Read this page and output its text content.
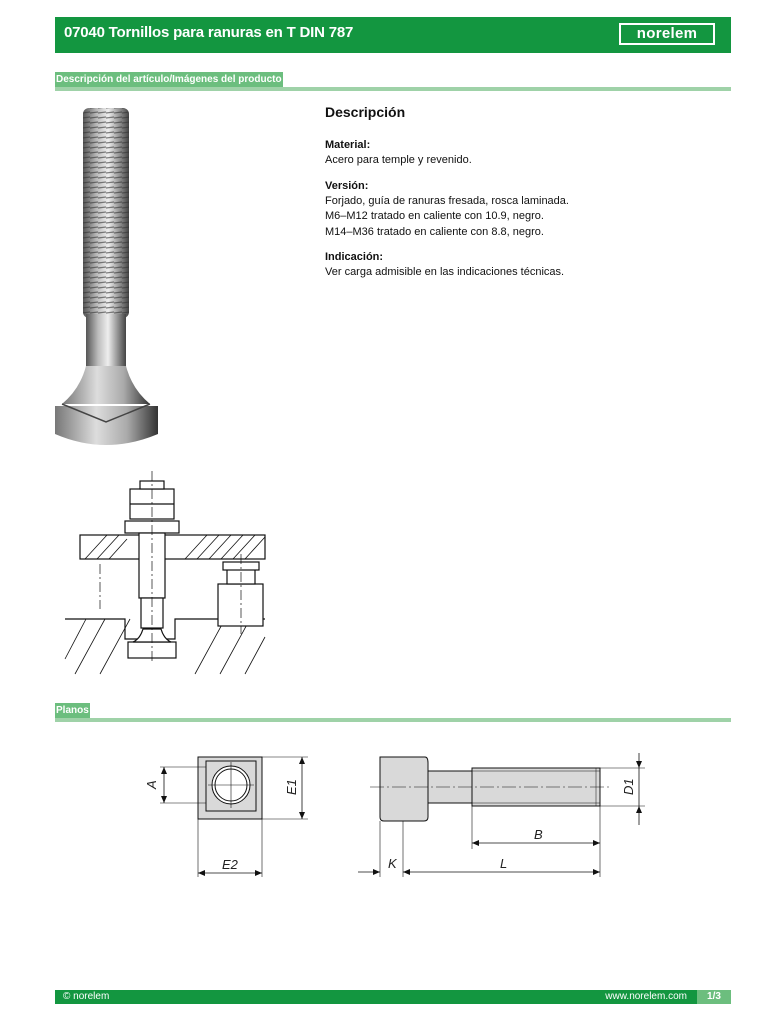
07040 Tornillos para ranuras en T DIN 787	norelem
Descripción del artículo/Imágenes del producto
Descripción
Material:
Acero para temple y revenido.
Versión:
Forjado, guía de ranuras fresada, rosca laminada.
M6–M12 tratado en caliente con 10.9, negro.
M14–M36 tratado en caliente con 8.8, negro.
Indicación:
Ver carga admisible en las indicaciones técnicas.
Planos
A	E1
E2
D1
B
K	L
© norelem	www.norelem.com	1/3
